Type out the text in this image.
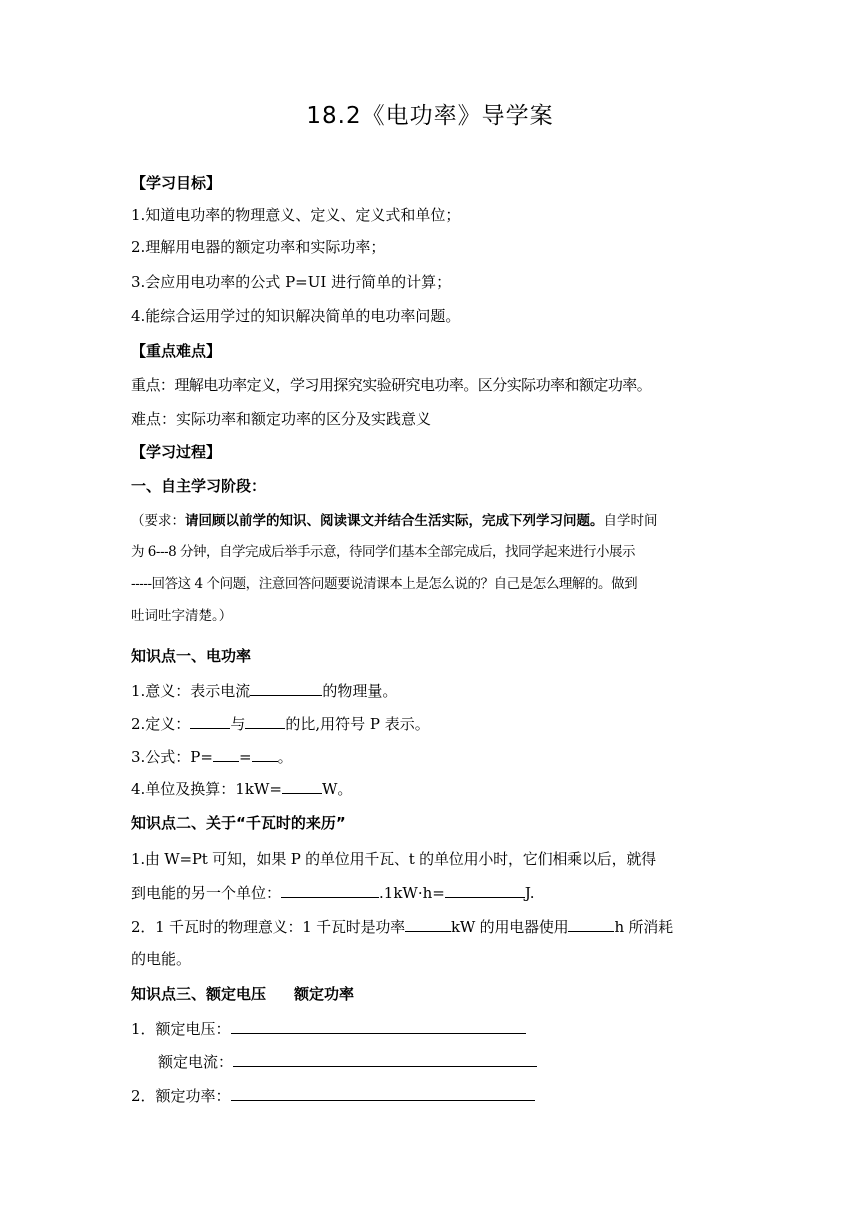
18.2《电功率》导学案
【学习目标】
1.知道电功率的物理意义、定义、定义式和单位；
2.理解用电器的额定功率和实际功率；
3.会应用电功率的公式 P=UI 进行简单的计算；
4.能综合运用学过的知识解决简单的电功率问题。
【重点难点】
重点：理解电功率定义，学习用探究实验研究电功率。区分实际功率和额定功率。
难点：实际功率和额定功率的区分及实践意义
【学习过程】
一、自主学习阶段：
（要求：请回顾以前学的知识、阅读课文并结合生活实际，完成下列学习问题。自学时间
为 6---8 分钟，自学完成后举手示意，待同学们基本全部完成后，找同学起来进行小展示
-----回答这 4 个问题，注意回答问题要说清课本上是怎么说的？自己是怎么理解的。做到
吐词吐字清楚。）
知识点一、电功率
1.意义：表示电流	的物理量。
2.定义：	与	的比,用符号 P 表示。
3.公式：P= = 。
4.单位及换算：1kW=	W。
知识点二、关于“千瓦时的来历”
1.由 W=Pt 可知，如果 P 的单位用千瓦、t 的单位用小时，它们相乘以后，就得
到电能的另一个单位：	.1kW·h=	J.
2．1 千瓦时的物理意义：1 千瓦时是功率	kW 的用电器使用	h 所消耗
的电能。
知识点三、额定电压 额定功率
1．额定电压：
额定电流：
2．额定功率：
